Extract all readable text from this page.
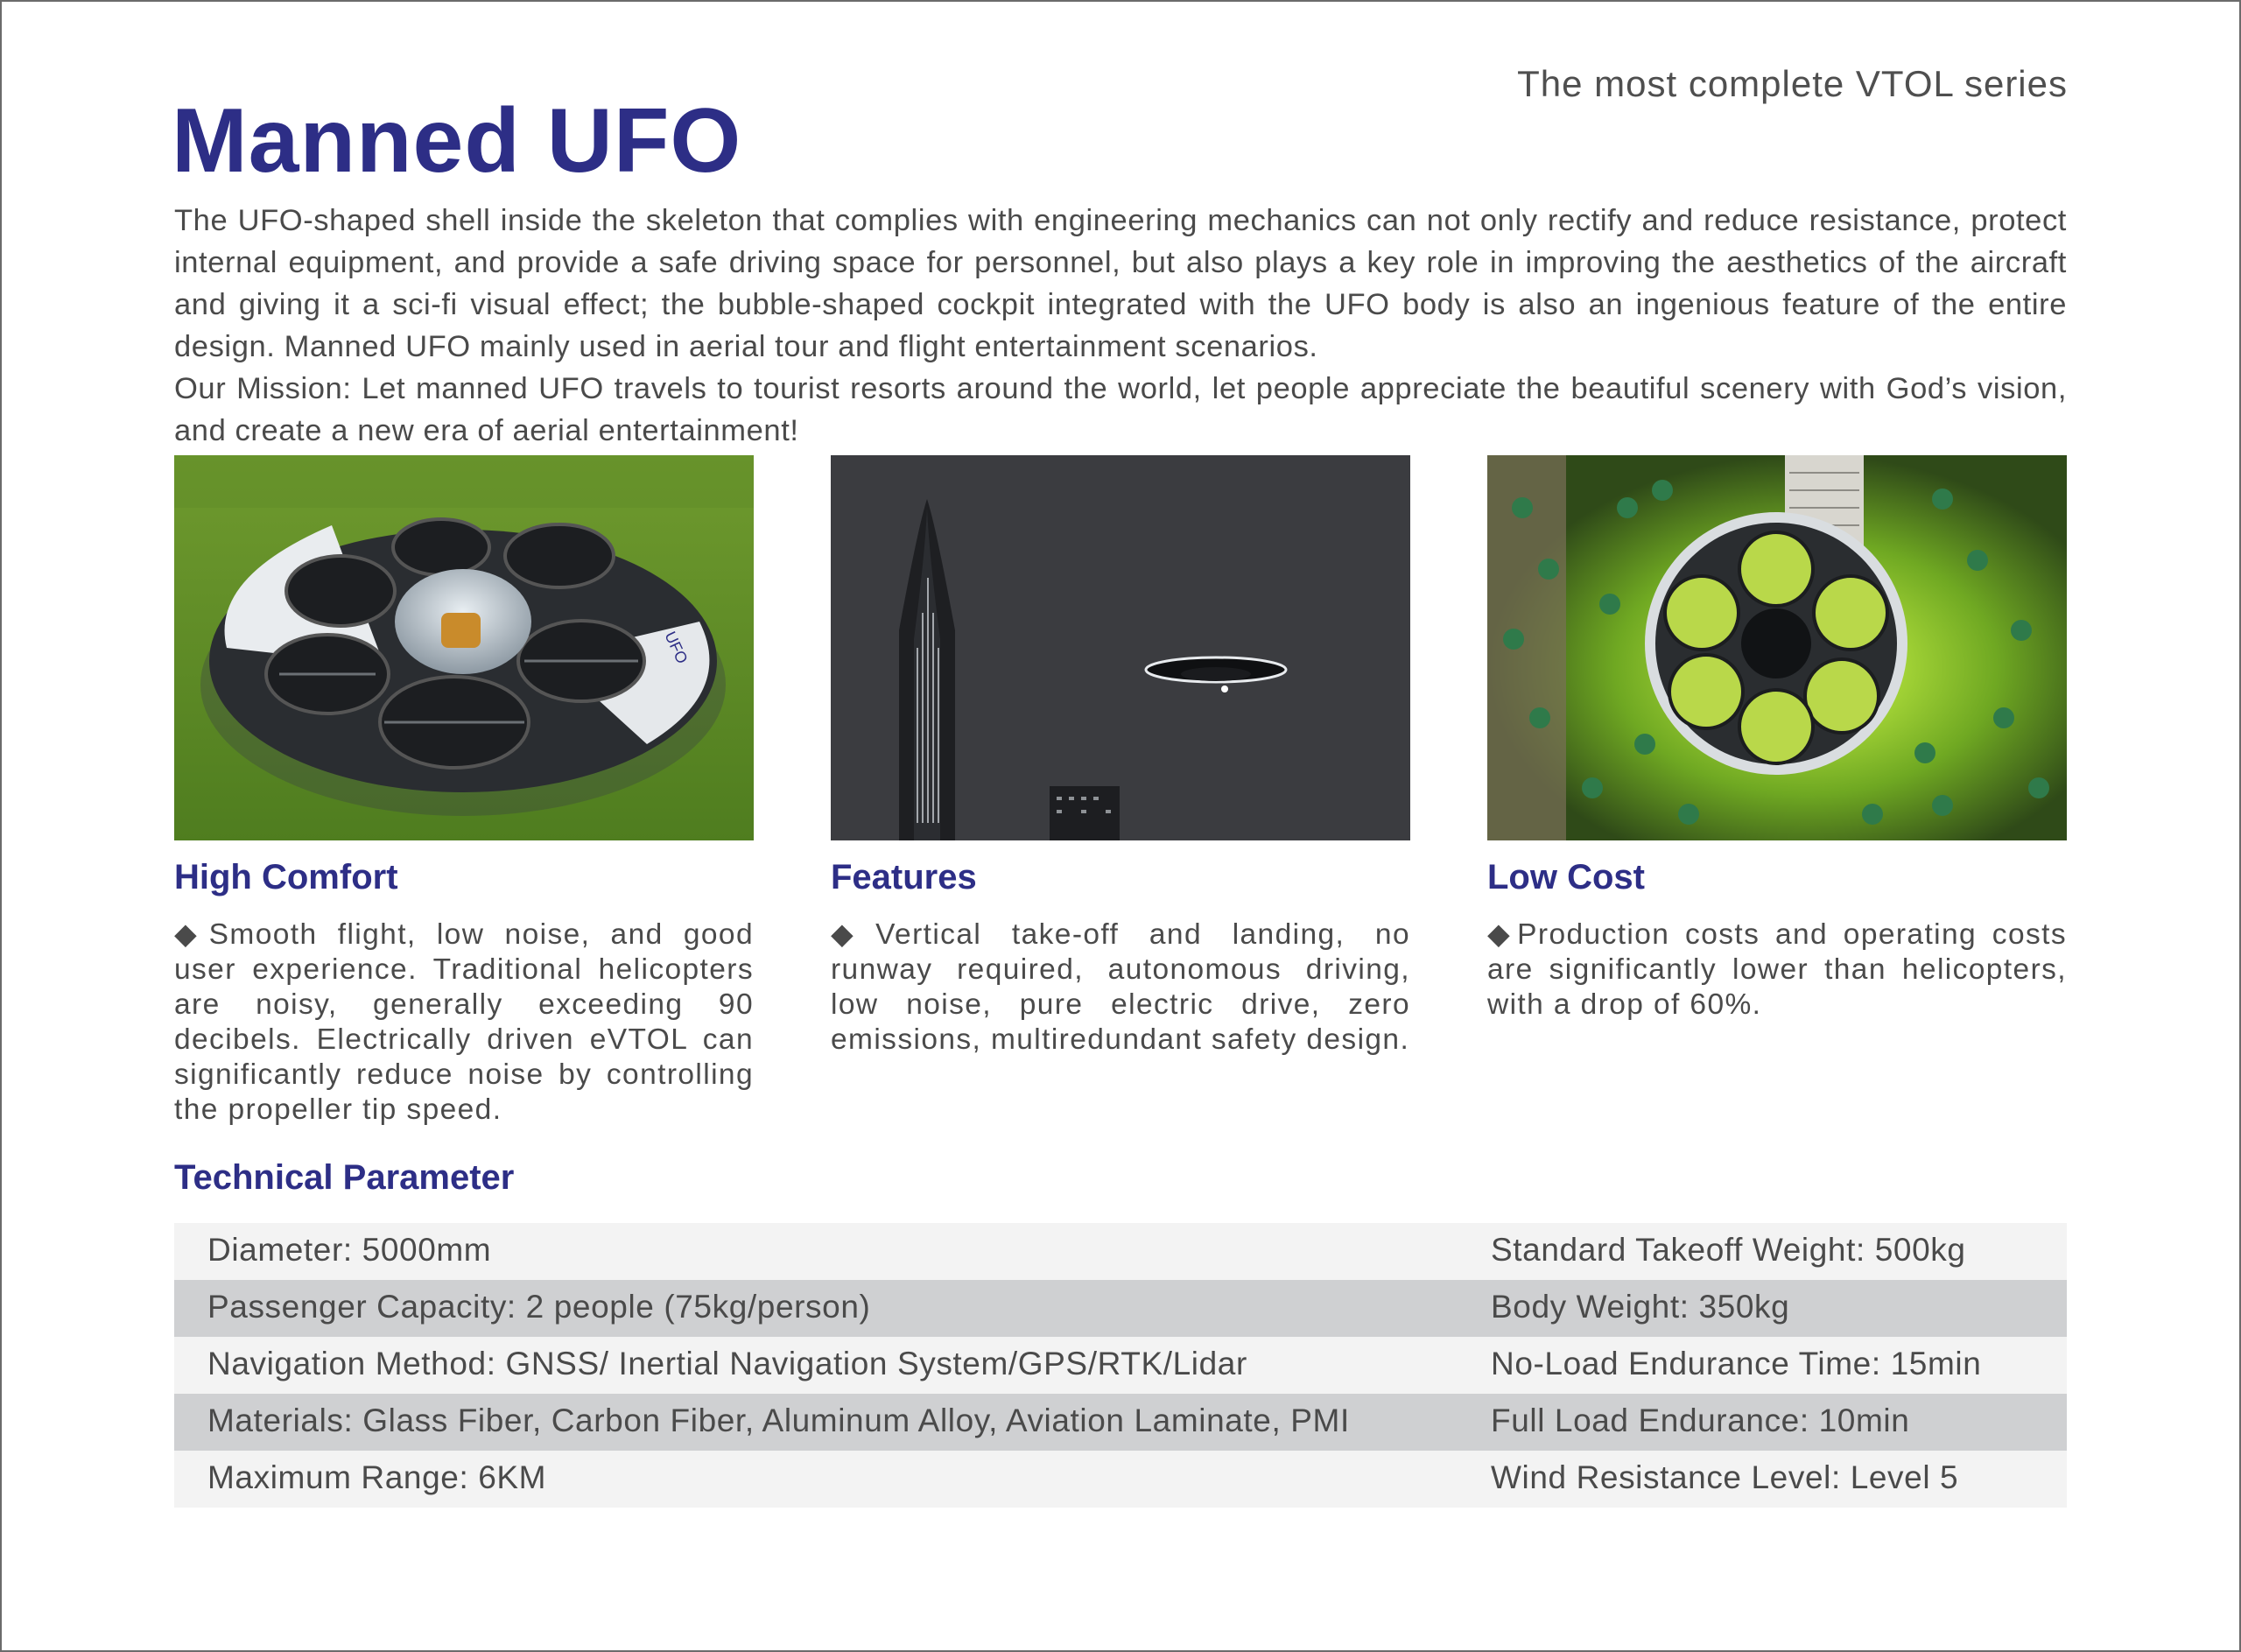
The most complete VTOL series
Manned UFO

The UFO-shaped shell inside the skeleton that complies with engineering mechanics can not only rectify and reduce resistance, protect internal equipment, and provide a safe driving space for personnel, but also plays a key role in improving the aesthetics of the aircraft and giving it a sci-fi visual effect; the bubble-shaped cockpit integrated with the UFO body is also an ingenious feature of the entire design. Manned UFO mainly used in aerial tour and flight entertainment scenarios.

Our Mission: Let manned UFO travels to tourist resorts around the world, let people appreciate the beautiful scenery with God’s vision, and create a new era of aerial entertainment!

UFO
High Comfort
◆Smooth flight, low noise, and good user experience. Traditional helicopters are noisy, generally exceeding 90 decibels. Electrically driven eVTOL can significantly reduce noise by controlling the propeller tip speed.
Features
◆Vertical take-off and landing, no runway required, autonomous driving, low noise, pure electric drive, zero emissions, multiredundant safety design.
Low Cost
◆Production costs and operating costs are significantly lower than helicopters, with a drop of 60%.
Technical Parameter
Diameter: 5000mm	Standard Takeoff Weight: 500kg
Passenger Capacity: 2 people (75kg/person)	Body Weight: 350kg
Navigation Method: GNSS/ Inertial Navigation System/GPS/RTK/Lidar	No-Load Endurance Time: 15min
Materials: Glass Fiber, Carbon Fiber, Aluminum Alloy, Aviation Laminate, PMI	Full Load Endurance: 10min
Maximum Range: 6KM	Wind Resistance Level: Level 5
